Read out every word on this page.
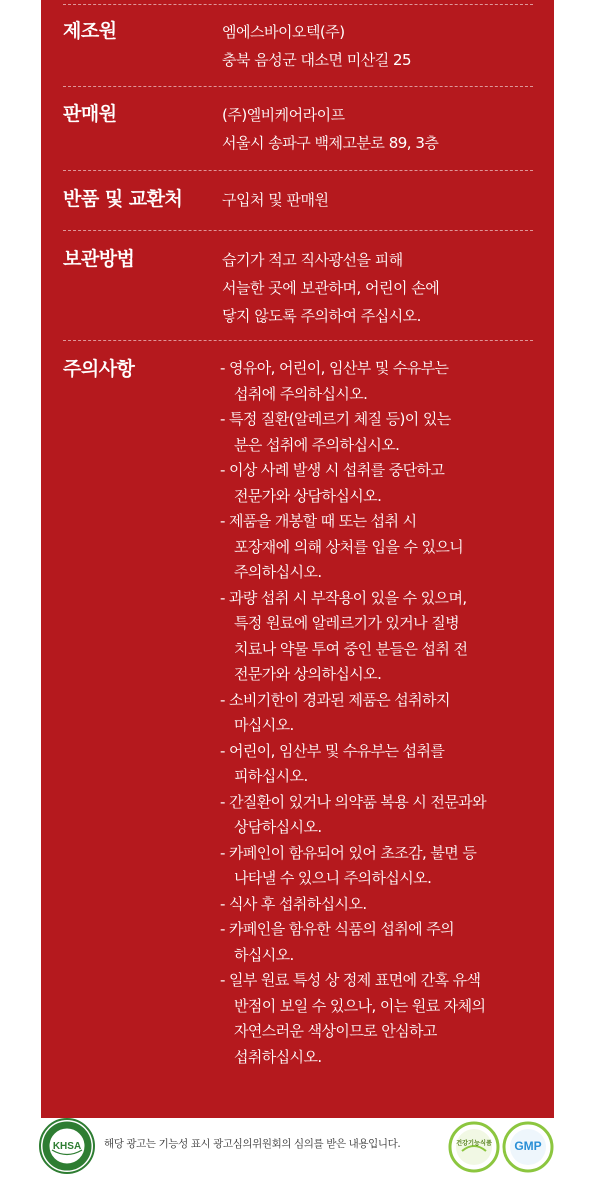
제조원	엠에스바이오텍(주)
충북 음성군 대소면 미산길 25
판매원	(주)엘비케어라이프
서울시 송파구 백제고분로 89, 3층
반품 및 교환처	구입처 및 판매원
보관방법	습기가 적고 직사광선을 피해
서늘한 곳에 보관하며, 어린이 손에
닿지 않도록 주의하여 주십시오.
주의사항	- 영유아, 어린이, 임산부 및 수유부는
섭취에 주의하십시오.
- 특정 질환(알레르기 체질 등)이 있는
분은 섭취에 주의하십시오.
- 이상 사례 발생 시 섭취를 중단하고
전문가와 상담하십시오.
- 제품을 개봉할 때 또는 섭취 시
포장재에 의해 상처를 입을 수 있으니
주의하십시오.
- 과량 섭취 시 부작용이 있을 수 있으며,
특정 원료에 알레르기가 있거나 질병
치료나 약물 투여 중인 분들은 섭취 전
전문가와 상의하십시오.
- 소비기한이 경과된 제품은 섭취하지
마십시오.
- 어린이, 임산부 및 수유부는 섭취를
피하십시오.
- 간질환이 있거나 의약품 복용 시 전문과와
상담하십시오.
- 카페인이 함유되어 있어 초조감, 불면 등
나타낼 수 있으니 주의하십시오.
- 식사 후 섭취하십시오.
- 카페인을 함유한 식품의 섭취에 주의
하십시오.
- 일부 원료 특성 상 정제 표면에 간혹 유색
반점이 보일 수 있으나, 이는 원료 자체의
자연스러운 색상이므로 안심하고
섭취하십시오.
KHSA 해당 광고는 기능성 표시 광고심의위원회의 심의를 받은 내용입니다.	건강기능식품 GMP
